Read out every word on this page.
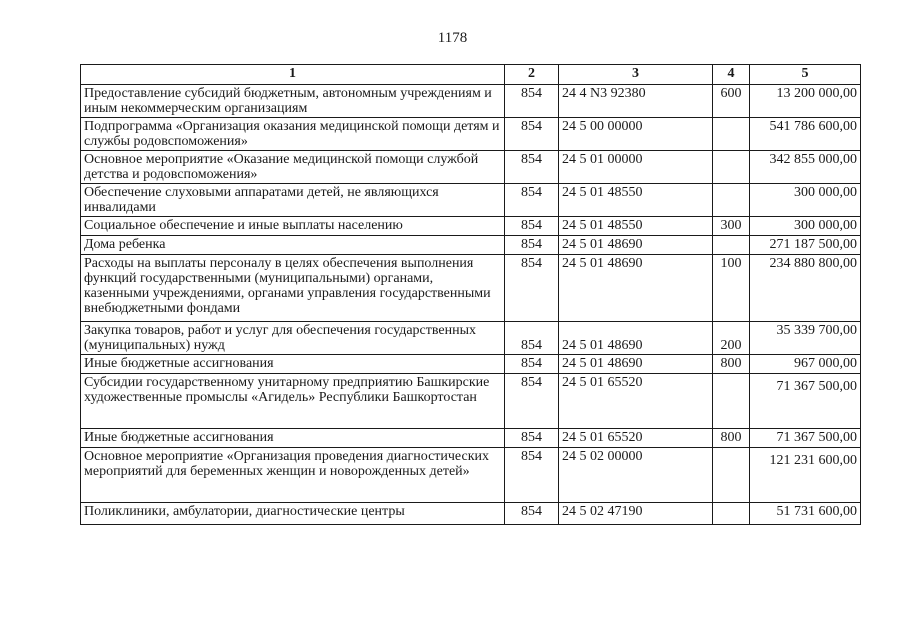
1178
1	2	3	4	5
Предоставление субсидий бюджетным, автономным учреждениям и иным некоммерческим организациям	854	24 4 N3 92380	600	13 200 000,00
Подпрограмма «Организация оказания медицинской помощи детям и службы родовспоможения»	854	24 5 00 00000		541 786 600,00
Основное мероприятие «Оказание медицинской помощи службой детства и родовспоможения»	854	24 5 01 00000		342 855 000,00
Обеспечение слуховыми аппаратами детей, не являющихся инвалидами	854	24 5 01 48550		300 000,00
Социальное обеспечение и иные выплаты населению	854	24 5 01 48550	300	300 000,00
Дома ребенка	854	24 5 01 48690		271 187 500,00
Расходы на выплаты персоналу в целях обеспечения выполнения функций государственными (муниципальными) органами, казенными учреждениями, органами управления государственными внебюджетными фондами	854	24 5 01 48690	100	234 880 800,00
Закупка товаров, работ и услуг для обеспечения государственных (муниципальных) нужд	854	24 5 01 48690	200	35 339 700,00
Иные бюджетные ассигнования	854	24 5 01 48690	800	967 000,00
Субсидии государственному унитарному предприятию Башкирские художественные промыслы «Агидель» Республики Башкортостан	854	24 5 01 65520		71 367 500,00
Иные бюджетные ассигнования	854	24 5 01 65520	800	71 367 500,00
Основное мероприятие «Организация проведения диагностических мероприятий для беременных женщин и новорожденных детей»	854	24 5 02 00000		121 231 600,00
Поликлиники, амбулатории, диагностические центры	854	24 5 02 47190		51 731 600,00
